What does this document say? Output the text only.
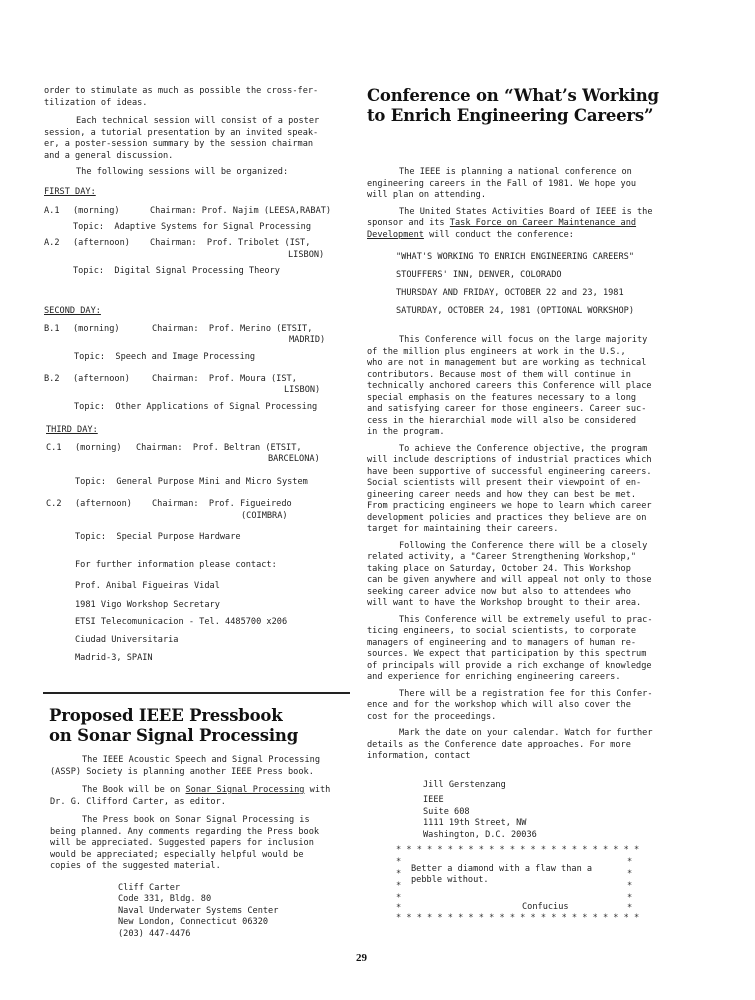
order to stimulate as much as possible the cross-fer-

tilization of ideas.

Each technical session will consist of a poster

session, a tutorial presentation by an invited speak-

er, a poster-session summary by the session chairman

and a general discussion.

The following sessions will be organized:

FIRST DAY:
A.1 (morning)	Chairman: Prof. Najim (LEESA,RABAT)
Topic:  Adaptive Systems for Signal Processing
A.2 (afternoon) Chairman:  Prof. Tribolet (IST,
LISBON)
Topic:  Digital Signal Processing Theory
SECOND DAY:
B.1 (morning)	Chairman:  Prof. Merino (ETSIT,
MADRID)
Topic:  Speech and Image Processing
B.2 (afternoon)	Chairman:  Prof. Moura (IST,
LISBON)
Topic:  Other Applications of Signal Processing
THIRD DAY:
C.1 (morning) Chairman:  Prof. Beltran (ETSIT,
BARCELONA)
Topic:  General Purpose Mini and Micro System
C.2 (afternoon) Chairman:  Prof. Figueiredo
(COIMBRA)
Topic:  Special Purpose Hardware
For further information please contact:
Prof. Anibal Figueiras Vidal
1981 Vigo Workshop Secretary
ETSI Telecomunicacion - Tel. 4485700 x206
Ciudad Universitaria
Madrid-3, SPAIN

Proposed IEEE Pressbook

on Sonar Signal Processing

The IEEE Acoustic Speech and Signal Processing

(ASSP) Society is planning another IEEE Press book.

The Book will be on Sonar Signal Processing with

Dr. G. Clifford Carter, as editor.

The Press book on Sonar Signal Processing is

being planned. Any comments regarding the Press book

will be appreciated. Suggested papers for inclusion

would be appreciated; especially helpful would be

copies of the suggested material.

Cliff Carter

Code 331, Bldg. 80

Naval Underwater Systems Center

New London, Connecticut 06320

(203) 447-4476

Conference on “What’s Working

to Enrich Engineering Careers”

The IEEE is planning a national conference on

engineering careers in the Fall of 1981. We hope you

will plan on attending.

The United States Activities Board of IEEE is the

sponsor and its Task Force on Career Maintenance and

Development will conduct the conference:

"WHAT'S WORKING TO ENRICH ENGINEERING CAREERS"

STOUFFERS' INN, DENVER, COLORADO

THURSDAY AND FRIDAY, OCTOBER 22 and 23, 1981

SATURDAY, OCTOBER 24, 1981 (OPTIONAL WORKSHOP)

This Conference will focus on the large majority

of the million plus engineers at work in the U.S.,

who are not in management but are working as technical

contributors. Because most of them will continue in

technically anchored careers this Conference will place

special emphasis on the features necessary to a long

and satisfying career for those engineers. Career suc-

cess in the hierarchial mode will also be considered

in the program.

To achieve the Conference objective, the program

will include descriptions of industrial practices which

have been supportive of successful engineering careers.

Social scientists will present their viewpoint of en-

gineering career needs and how they can best be met.

From practicing engineers we hope to learn which career

development policies and practices they believe are on

target for maintaining their careers.

Following the Conference there will be a closely

related activity, a "Career Strengthening Workshop,"

taking place on Saturday, October 24. This Workshop

can be given anywhere and will appeal not only to those

seeking career advice now but also to attendees who

will want to have the Workshop brought to their area.

This Conference will be extremely useful to prac-

ticing engineers, to social scientists, to corporate

managers of engineering and to managers of human re-

sources. We expect that participation by this spectrum

of principals will provide a rich exchange of knowledge

and experience for enriching engineering careers.

There will be a registration fee for this Confer-

ence and for the workshop which will also cover the

cost for the proceedings.

Mark the date on your calendar. Watch for further

details as the Conference date approaches. For more

information, contact

Jill Gerstenzang

IEEE

Suite 608

1111 19th Street, NW

Washington, D.C. 20036

* * * * * * * * * * * * * * * * * * * * * * * *
*
*
*
*
*
*
*
*
*
*
Better a diamond with a flaw than a
pebble without.
Confucius
* * * * * * * * * * * * * * * * * * * * * * * *
29
